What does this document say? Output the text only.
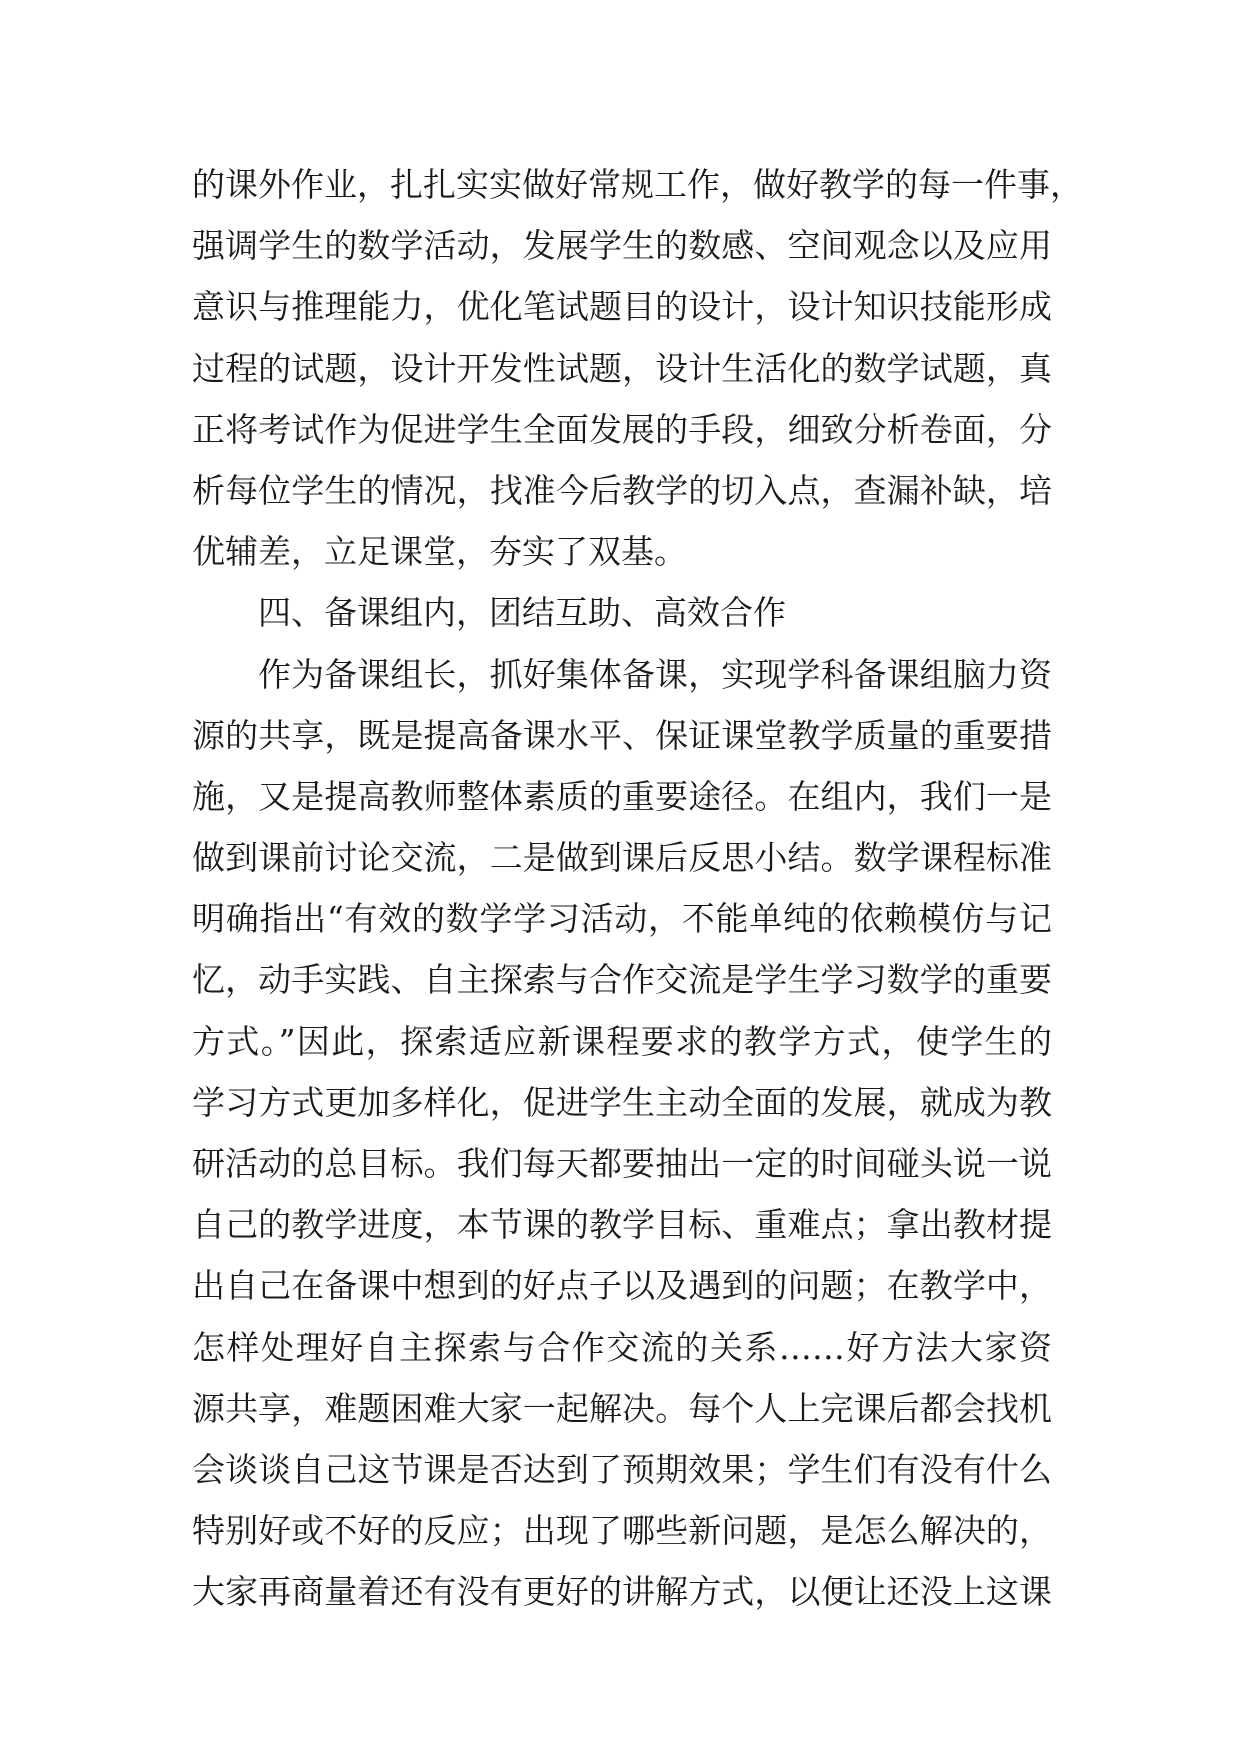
的课外作业，扎扎实实做好常规工作，做好教学的每一件事，
强调学生的数学活动，发展学生的数感、空间观念以及应用
意识与推理能力，优化笔试题目的设计，设计知识技能形成
过程的试题，设计开发性试题，设计生活化的数学试题，真
正将考试作为促进学生全面发展的手段，细致分析卷面，分
析每位学生的情况，找准今后教学的切入点，查漏补缺，培
优辅差，立足课堂，夯实了双基。
四、备课组内，团结互助、高效合作
作为备课组长，抓好集体备课，实现学科备课组脑力资
源的共享，既是提高备课水平、保证课堂教学质量的重要措
施，又是提高教师整体素质的重要途径。在组内，我们一是
做到课前讨论交流，二是做到课后反思小结。数学课程标准
明确指出“有效的数学学习活动，不能单纯的依赖模仿与记
忆，动手实践、自主探索与合作交流是学生学习数学的重要
方式。”因此，探索适应新课程要求的教学方式，使学生的
学习方式更加多样化，促进学生主动全面的发展，就成为教
研活动的总目标。我们每天都要抽出一定的时间碰头说一说
自己的教学进度，本节课的教学目标、重难点；拿出教材提
出自己在备课中想到的好点子以及遇到的问题；在教学中，
怎样处理好自主探索与合作交流的关系……好方法大家资
源共享，难题困难大家一起解决。每个人上完课后都会找机
会谈谈自己这节课是否达到了预期效果；学生们有没有什么
特别好或不好的反应；出现了哪些新问题，是怎么解决的，
大家再商量着还有没有更好的讲解方式，以便让还没上这课
